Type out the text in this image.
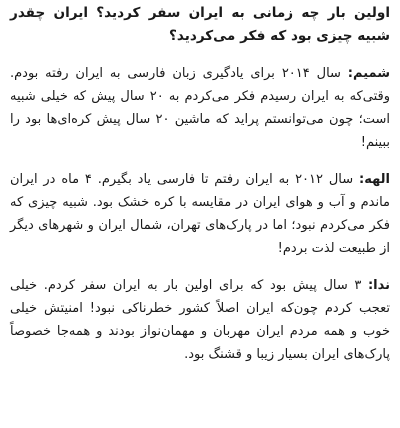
اولین بار چه زمانی به ایران سفر کردید؟ ایران چقدر شبیه چیزی بود که فکر می‌کردید؟

شمیم: سال ۲۰۱۴ برای یادگیری زبان فارسی به ایران رفته بودم. وقتی‌که به ایران رسیدم فکر می‌کردم به ۲۰ سال پیش که خیلی شبیه است؛ چون می‌توانستم پراید که ماشین ۲۰ سال پیش کره‌ای‌ها بود را ببینم!

الهه: سال ۲۰۱۲ به ایران رفتم تا فارسی یاد بگیرم. ۴ ماه در ایران ماندم و آب و هوای ایران در مقایسه با کره خشک بود. شبیه چیزی که فکر می‌کردم نبود؛ اما در پارک‌های تهران، شمال ایران و شهرهای دیگر از طبیعت لذت بردم!

ندا: ۳ سال پیش بود که برای اولین بار به ایران سفر کردم. خیلی تعجب کردم چون‌که ایران اصلاً کشور خطرناکی نبود! امنیتش خیلی خوب و همه مردم ایران مهربان و مهمان‌نواز بودند و همه‌جا خصوصاً پارک‌های ایران بسیار زیبا و قشنگ بود.
